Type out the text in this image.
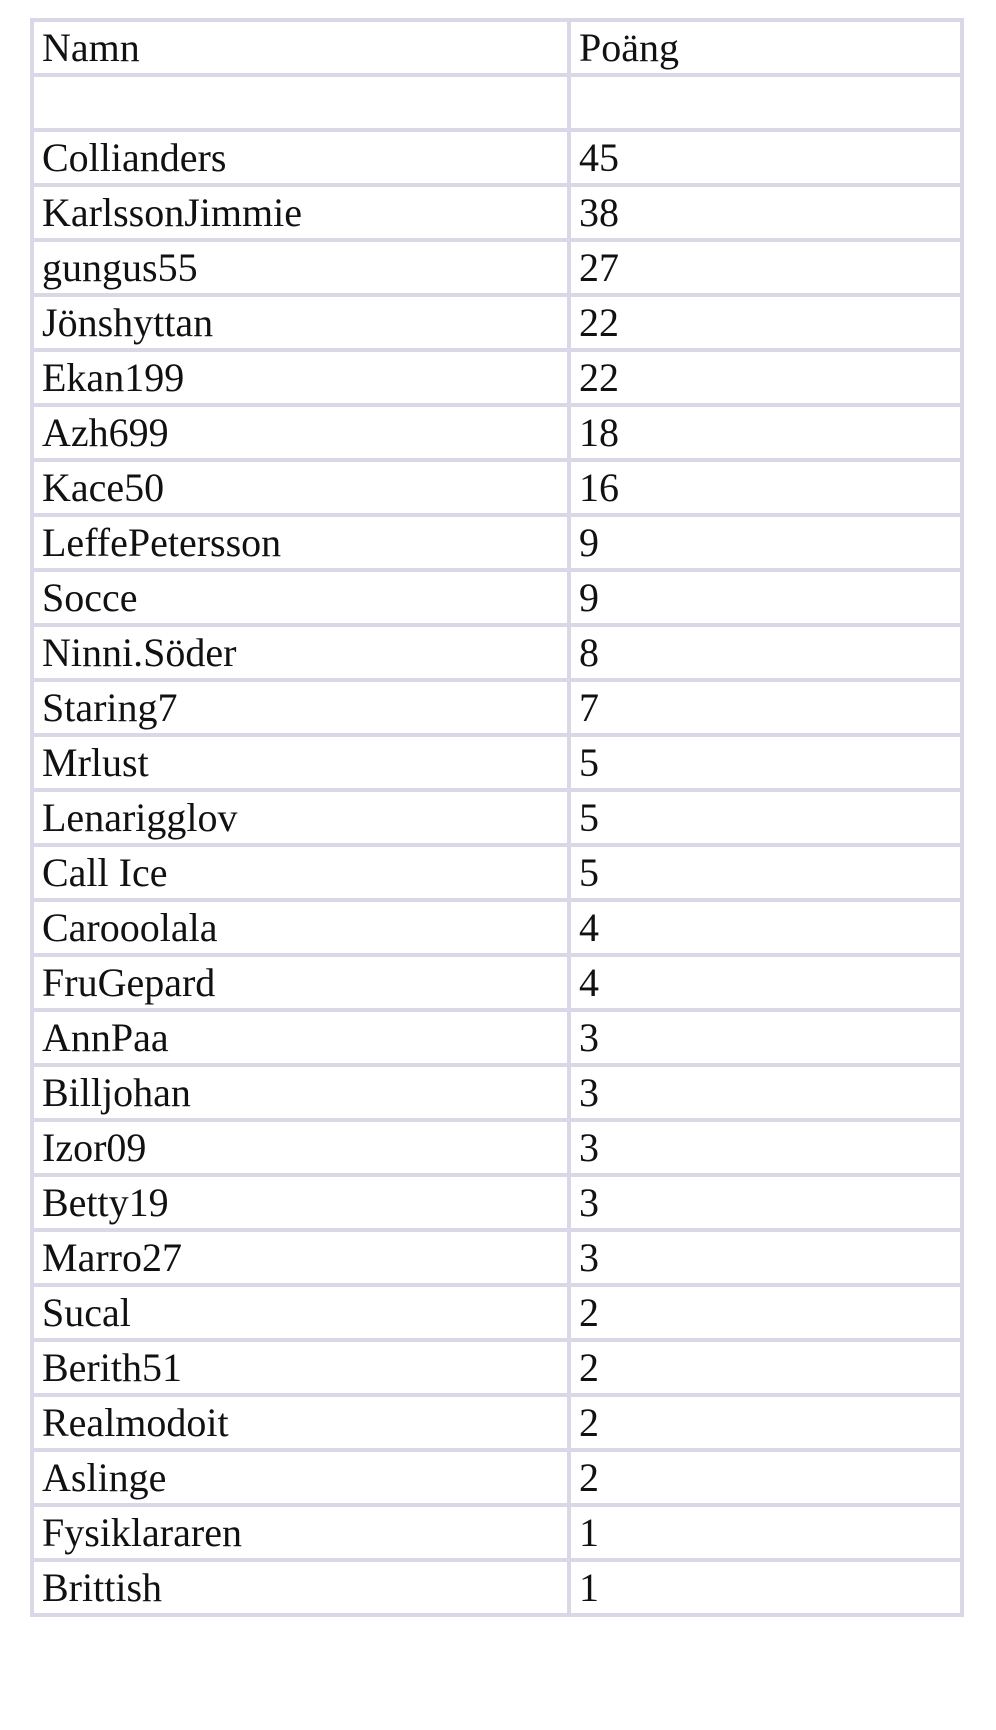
Namn	Poäng

Collianders	45
KarlssonJimmie	38
gungus55	27
Jönshyttan	22
Ekan199	22
Azh699	18
Kace50	16
LeffePetersson	9
Socce	9
Ninni.Söder	8
Staring7	7
Mrlust	5
Lenarigglov	5
Call Ice	5
Carooolala	4
FruGepard	4
AnnPaa	3
Billjohan	3
Izor09	3
Betty19	3
Marro27	3
Sucal	2
Berith51	2
Realmodoit	2
Aslinge	2
Fysiklararen	1
Brittish	1
